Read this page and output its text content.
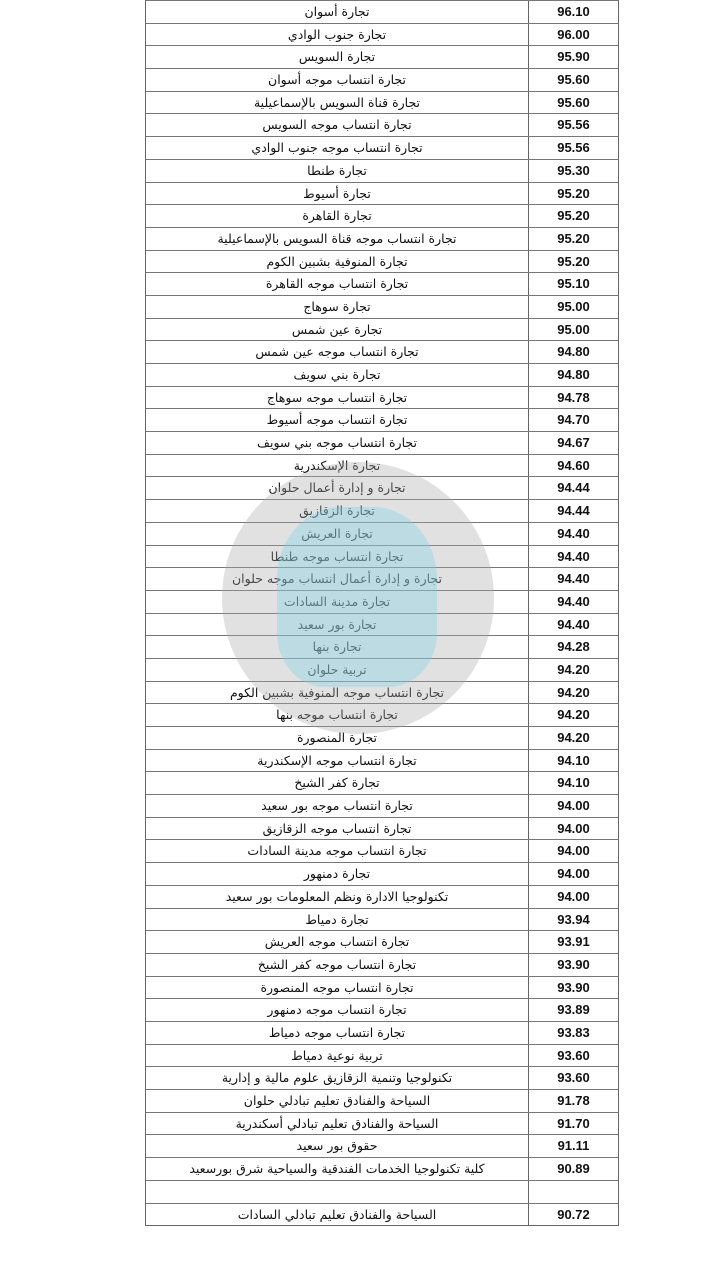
تجارة أسوان	96.10
تجارة جنوب الوادي	96.00
تجارة السويس	95.90
تجارة انتساب موجه أسوان	95.60
تجارة قناة السويس بالإسماعيلية	95.60
تجارة انتساب موجه السويس	95.56
تجارة انتساب موجه جنوب الوادي	95.56
تجارة طنطا	95.30
تجارة أسيوط	95.20
تجارة القاهرة	95.20
تجارة انتساب موجه قناة السويس بالإسماعيلية	95.20
تجارة المنوفية بشبين الكوم	95.20
تجارة انتساب موجه القاهرة	95.10
تجارة سوهاج	95.00
تجارة عين شمس	95.00
تجارة انتساب موجه عين شمس	94.80
تجارة بني سويف	94.80
تجارة انتساب موجه سوهاج	94.78
تجارة انتساب موجه أسيوط	94.70
تجارة انتساب موجه بني سويف	94.67
تجارة الإسكندرية	94.60
تجارة و إدارة أعمال حلوان	94.44
تجارة الزقازيق	94.44
تجارة العريش	94.40
تجارة انتساب موجه طنطا	94.40
تجارة و إدارة أعمال انتساب موجه حلوان	94.40
تجارة مدينة السادات	94.40
تجارة بور سعيد	94.40
تجارة بنها	94.28
تربية حلوان	94.20
تجارة انتساب موجه المنوفية بشبين الكوم	94.20
تجارة انتساب موجه بنها	94.20
تجارة المنصورة	94.20
تجارة انتساب موجه الإسكندرية	94.10
تجارة كفر الشيخ	94.10
تجارة انتساب موجه بور سعيد	94.00
تجارة انتساب موجه الزقازيق	94.00
تجارة انتساب موجه مدينة السادات	94.00
تجارة دمنهور	94.00
تكنولوجيا الادارة ونظم المعلومات بور سعيد	94.00
تجارة دمياط	93.94
تجارة انتساب موجه العريش	93.91
تجارة انتساب موجه كفر الشيخ	93.90
تجارة انتساب موجه المنصورة	93.90
تجارة انتساب موجه دمنهور	93.89
تجارة انتساب موجه دمياط	93.83
تربية نوعية دمياط	93.60
تكنولوجيا وتنمية الزقازيق علوم مالية و إدارية	93.60
السياحة والفنادق تعليم تبادلي حلوان	91.78
السياحة والفنادق تعليم تبادلي أسكندرية	91.70
حقوق بور سعيد	91.11
كلية تكنولوجيا الخدمات الفندقية والسياحية شرق بورسعيد	90.89
السياحة والفنادق تعليم تبادلي السادات	90.72
